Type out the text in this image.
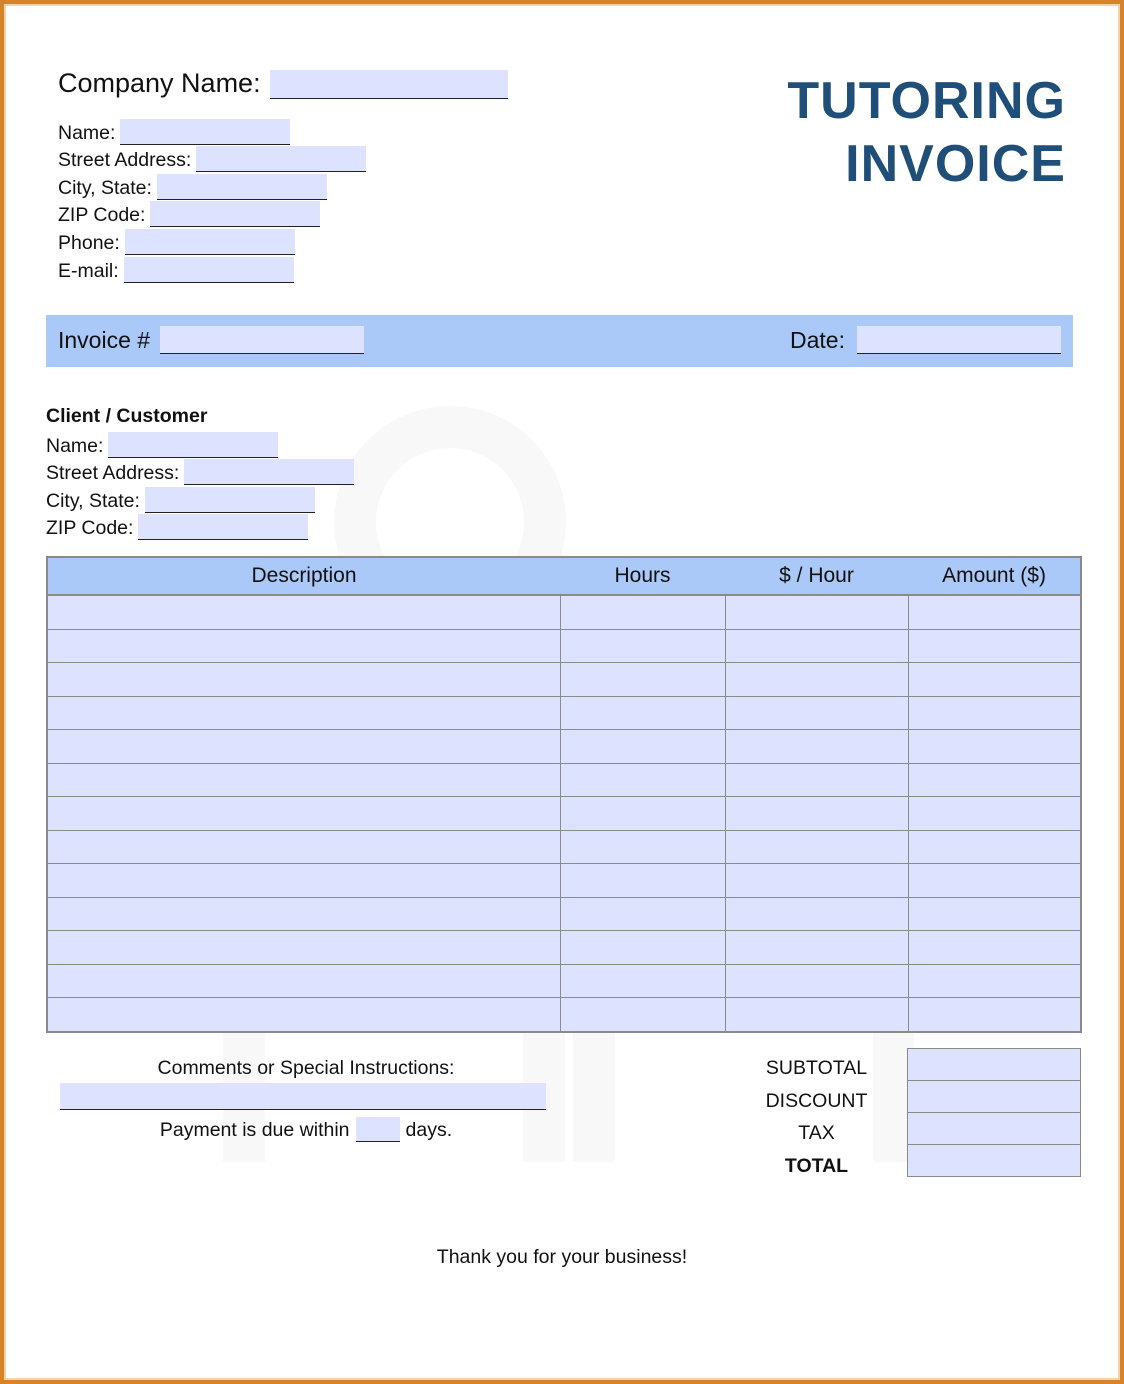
Company Name:
Name:
Street Address:
City, State:
ZIP Code:
Phone:
E-mail:
TUTORING
INVOICE
Invoice #	Date:
Client / Customer
Name:
Street Address:
City, State:
ZIP Code:
Description	Hours	$ / Hour	Amount ($)

Comments or Special Instructions:
Payment is due within	days.
SUBTOTAL
DISCOUNT
TAX
TOTAL
Thank you for your business!
